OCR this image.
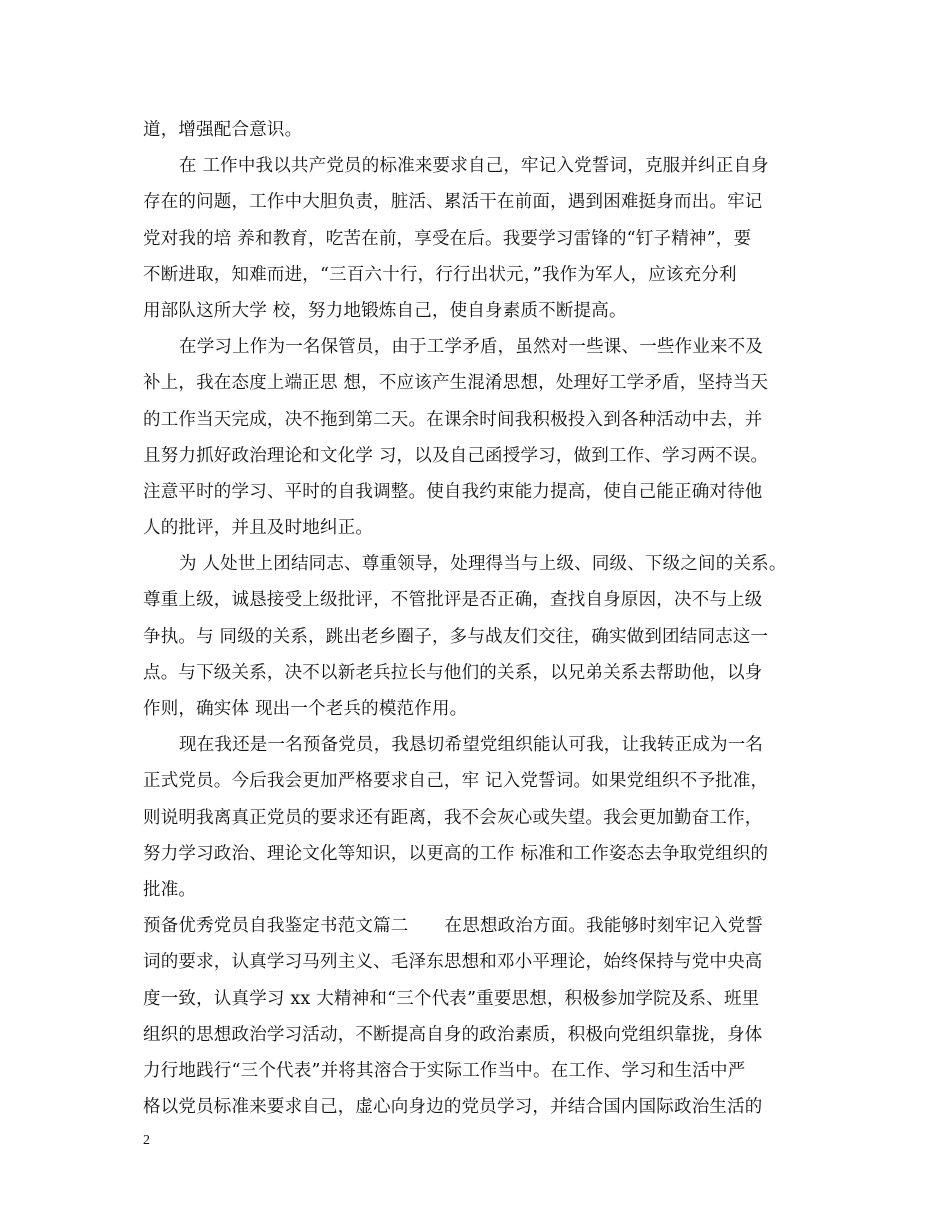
道，增强配合意识。
在 工作中我以共产党员的标准来要求自己，牢记入党誓词，克服并纠正自身
存在的问题，工作中大胆负责，脏活、累活干在前面，遇到困难挺身而出。牢记
党对我的培 养和教育，吃苦在前，享受在后。我要学习雷锋的“钉子精神”，要
不断进取，知难而进，“三百六十行，行行出状元，”我作为军人，应该充分利
用部队这所大学 校，努力地锻炼自己，使自身素质不断提高。
在学习上作为一名保管员，由于工学矛盾，虽然对一些课、一些作业来不及
补上，我在态度上端正思 想，不应该产生混淆思想，处理好工学矛盾，坚持当天
的工作当天完成，决不拖到第二天。在课余时间我积极投入到各种活动中去，并
且努力抓好政治理论和文化学 习，以及自己函授学习，做到工作、学习两不误。
注意平时的学习、平时的自我调整。使自我约束能力提高，使自己能正确对待他
人的批评，并且及时地纠正。
为 人处世上团结同志、尊重领导，处理得当与上级、同级、下级之间的关系。
尊重上级，诚恳接受上级批评，不管批评是否正确，查找自身原因，决不与上级
争执。与 同级的关系，跳出老乡圈子，多与战友们交往，确实做到团结同志这一
点。与下级关系，决不以新老兵拉长与他们的关系，以兄弟关系去帮助他，以身
作则，确实体 现出一个老兵的模范作用。
现在我还是一名预备党员，我恳切希望党组织能认可我，让我转正成为一名
正式党员。今后我会更加严格要求自己，牢 记入党誓词。如果党组织不予批准，
则说明我离真正党员的要求还有距离，我不会灰心或失望。我会更加勤奋工作，
努力学习政治、理论文化等知识，以更高的工作 标准和工作姿态去争取党组织的
批准。
预备优秀党员自我鉴定书范文篇二 在思想政治方面。我能够时刻牢记入党誓
词的要求，认真学习马列主义、毛泽东思想和邓小平理论，始终保持与党中央高
度一致，认真学习 xx 大精神和“三个代表”重要思想，积极参加学院及系、班里
组织的思想政治学习活动，不断提高自身的政治素质，积极向党组织靠拢，身体
力行地践行“三个代表”并将其溶合于实际工作当中。在工作、学习和生活中严
格以党员标准来要求自己，虚心向身边的党员学习，并结合国内国际政治生活的
2
